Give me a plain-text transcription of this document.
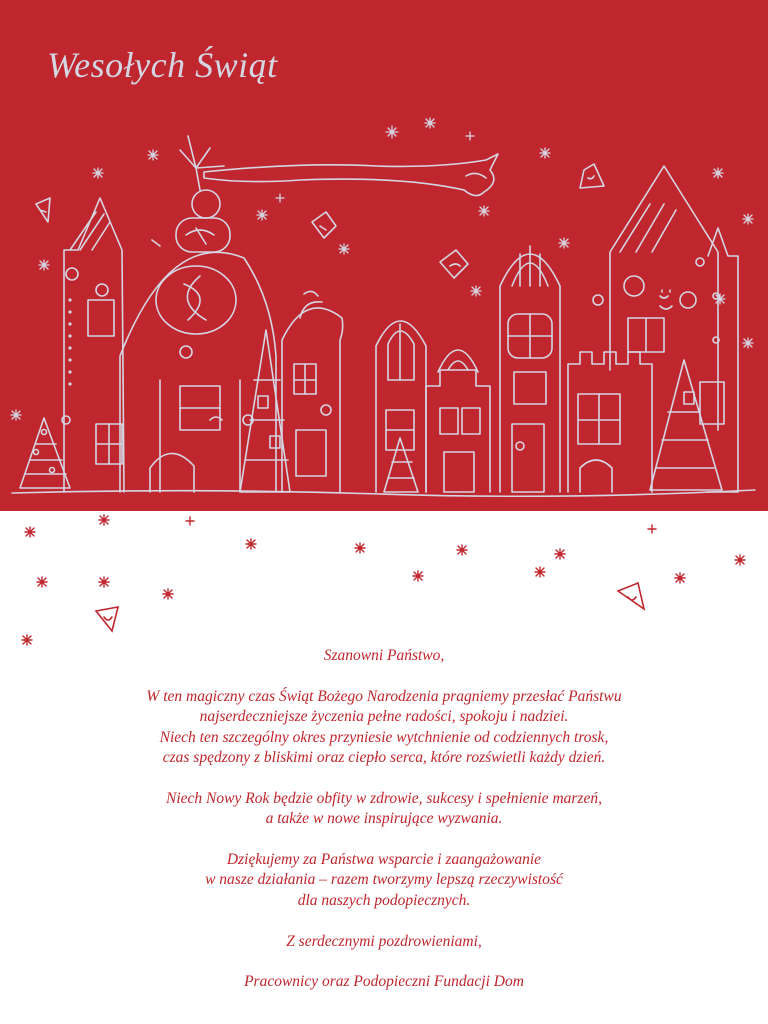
Wesołych Świąt

Szanowni Państwo,

W ten magiczny czas Świąt Bożego Narodzenia pragniemy przesłać Państwu
najserdeczniejsze życzenia pełne radości, spokoju i nadziei.
Niech ten szczególny okres przyniesie wytchnienie od codziennych trosk,
czas spędzony z bliskimi oraz ciepło serca, które rozświetli każdy dzień.

Niech Nowy Rok będzie obfity w zdrowie, sukcesy i spełnienie marzeń,
a także w nowe inspirujące wyzwania.

Dziękujemy za Państwa wsparcie i zaangażowanie
w nasze działania – razem tworzymy lepszą rzeczywistość
dla naszych podopiecznych.

Z serdecznymi pozdrowieniami,

Pracownicy oraz Podopieczni Fundacji Dom
